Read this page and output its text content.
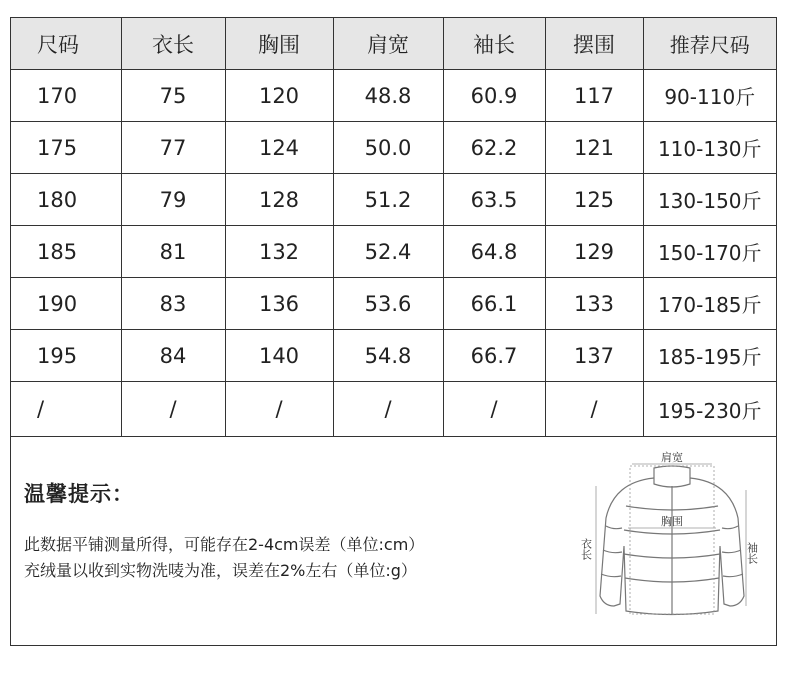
尺码	衣长	胸围	肩宽	袖长	摆围	推荐尺码
170	75	120	48.8	60.9	117	90-110斤
175	77	124	50.0	62.2	121	110-130斤
180	79	128	51.2	63.5	125	130-150斤
185	81	132	52.4	64.8	129	150-170斤
190	83	136	53.6	66.1	133	170-185斤
195	84	140	54.8	66.7	137	185-195斤
/	/	/	/	/	/	195-230斤
温馨提示：
此数据平铺测量所得，可能存在2-4cm误差（单位:cm）
充绒量以收到实物洗唛为准，误差在2%左右（单位:g）
肩宽
胸围
衣长	袖长
